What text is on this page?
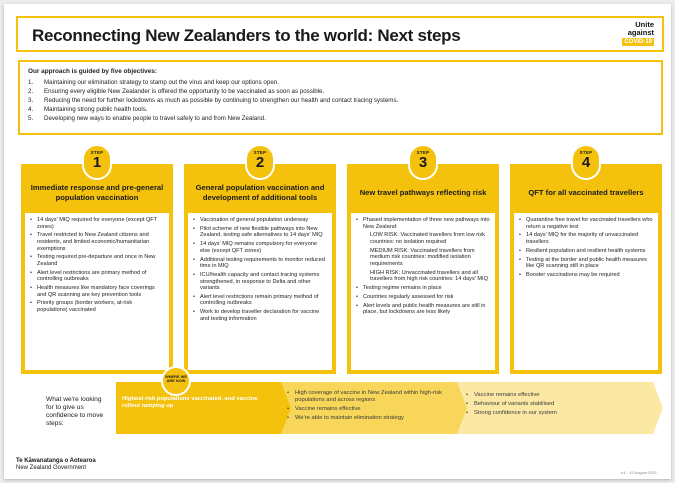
Reconnecting New Zealanders to the world: Next steps
Unite
against
COVID-19
Our approach is guided by five objectives:
1.	Maintaining our elimination strategy to stamp out the virus and keep our options open.
2.	Ensuring every eligible New Zealander is offered the opportunity to be vaccinated as soon as possible.
3.	Reducing the need for further lockdowns as much as possible by continuing to strengthen our health and contact tracing systems.
4.	Maintaining strong public health tools.
5.	Developing new ways to enable people to travel safely to and from New Zealand.
Immediate response and pre-general population vaccination
• 14 days' MIQ required for everyone (except QFT zones)
• Travel restricted to New Zealand citizens and residents, and limited economic/humanitarian exemptions
• Testing required pre-departure and once in New Zealand
• Alert level restrictions are primary method of controlling outbreaks
• Health measures like mandatory face coverings and QR scanning are key prevention tools
• Priority groups (border workers, at-risk populations) vaccinated
STEP
1
General population vaccination and development of additional tools
• Vaccination of general population underway
• Pilot scheme of new flexible pathways into New Zealand, testing safe alternatives to 14 days' MIQ
• 14 days' MIQ remains compulsory for everyone else (except QFT zones)
• Additional testing requirements to monitor reduced time in MIQ
• ICU/health capacity and contact tracing systems strengthened, in response to Delta and other variants
• Alert level restrictions remain primary method of controlling outbreaks
• Work to develop traveller declaration for vaccine and testing information
STEP
2
New travel pathways reflecting risk
• Phased implementation of three new pathways into New Zealand:
LOW RISK: Vaccinated travellers from low risk countries: no isolation required
MEDIUM RISK: Vaccinated travellers from medium risk countries: modified isolation requirements
HIGH RISK: Unvaccinated travellers and all travellers from high risk countries: 14 days' MIQ
• Testing regime remains in place
• Countries regularly assessed for risk
• Alert levels and public health measures are still in place, but lockdowns are less likely
STEP
3
QFT for all vaccinated travellers
• Quarantine free travel for vaccinated travellers who return a negative test
• 14 days' MIQ for the majority of unvaccinated travellers
• Resilient population and resilient health systems
• Testing at the border and public health measures like QR scanning still in place
• Booster vaccinations may be required
STEP
4
WHERE WE ARE NOW
What we're looking for to give us confidence to move steps:
Highest risk populations vaccinated, and vaccine rollout ramping up
• High coverage of vaccine in New Zealand within high-risk populations and across regions
• Vaccine remains effective
• We're able to maintain elimination strategy
• Vaccine remains effective
• Behaviour of variants stabilised
• Strong confidence in our system
Te Kāwanatanga o Aotearoa
New Zealand Government
v.4 · 12 August 2021
